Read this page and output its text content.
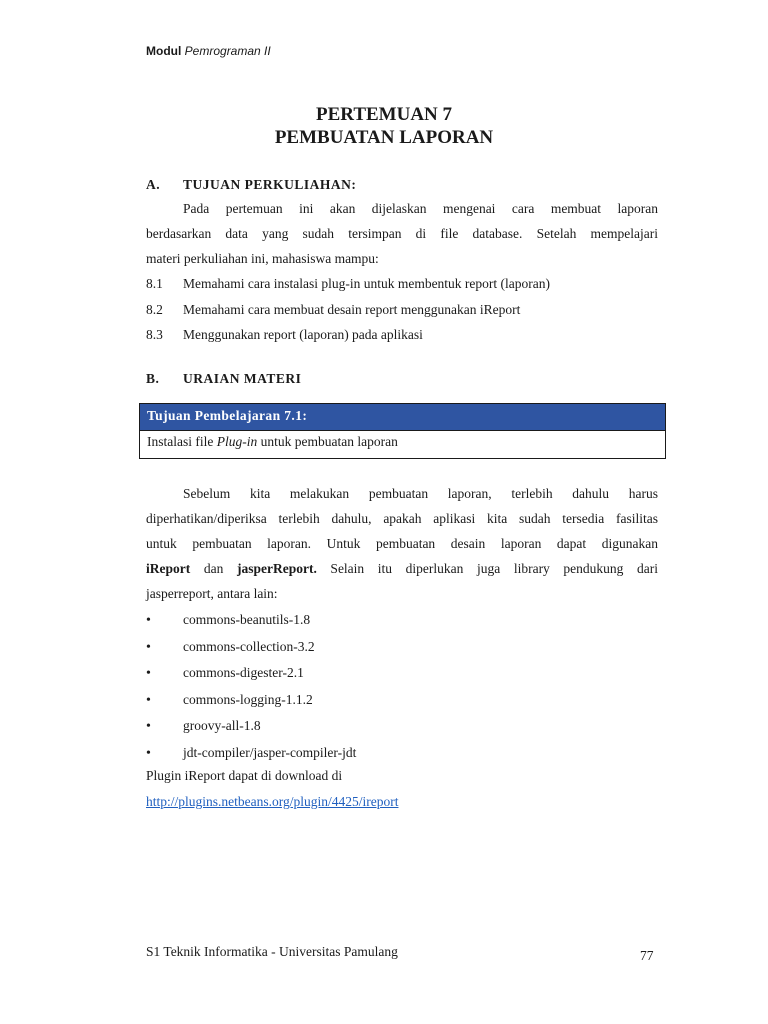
Modul Pemrograman II
PERTEMUAN 7
PEMBUATAN LAPORAN
A. TUJUAN PERKULIAHAN:
Pada pertemuan ini akan dijelaskan mengenai cara membuat laporan
berdasarkan data yang sudah tersimpan di file database. Setelah mempelajari
materi perkuliahan ini, mahasiswa mampu:
8.1 Memahami cara instalasi plug-in untuk membentuk report (laporan)
8.2 Memahami cara membuat desain report menggunakan iReport
8.3 Menggunakan report (laporan) pada aplikasi
B. URAIAN MATERI
Tujuan Pembelajaran 7.1:
Instalasi file Plug-in untuk pembuatan laporan
Sebelum kita melakukan pembuatan laporan, terlebih dahulu harus
diperhatikan/diperiksa terlebih dahulu, apakah aplikasi kita sudah tersedia fasilitas
untuk pembuatan laporan. Untuk pembuatan desain laporan dapat digunakan
iReport dan jasperReport. Selain itu diperlukan juga library pendukung dari
jasperreport, antara lain:
• commons-beanutils-1.8
• commons-collection-3.2
• commons-digester-2.1
• commons-logging-1.1.2
• groovy-all-1.8
• jdt-compiler/jasper-compiler-jdt
Plugin iReport dapat di download di
http://plugins.netbeans.org/plugin/4425/ireport
S1 Teknik Informatika - Universitas Pamulang	77
